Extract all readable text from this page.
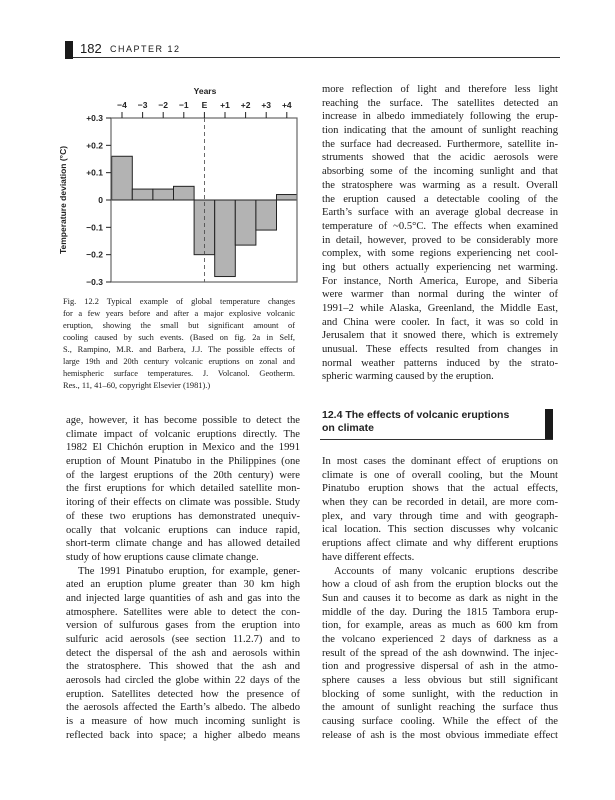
182 CHAPTER 12
−4 −3 −2 −1 E +1 +2 +3 +4
+0.3
+0.2
+0.1
0
−0.1
−0.2
−0.3
Years
Temperature deviation (°C)
Fig. 12.2 Typical example of global temperature changes
for a few years before and after a major explosive volcanic
eruption, showing the small but significant amount of
cooling caused by such events. (Based on fig. 2a in Self,
S., Rampino, M.R. and Barbera, J.J. The possible effects of
large 19th and 20th century volcanic eruptions on zonal and
hemispheric surface temperatures. J. Volcanol. Geotherm.
Res., 11, 41–60, copyright Elsevier (1981).)
more reflection of light and therefore less light
reaching the surface. The satellites detected an
increase in albedo immediately following the erup-
tion indicating that the amount of sunlight reaching
the surface had decreased. Furthermore, satellite in-
struments showed that the acidic aerosols were
absorbing some of the incoming sunlight and that
the stratosphere was warming as a result. Overall
the eruption caused a detectable cooling of the
Earth’s surface with an average global decrease in
temperature of ~0.5°C. The effects when examined
in detail, however, proved to be considerably more
complex, with some regions experiencing net cool-
ing but others actually experiencing net warming.
For instance, North America, Europe, and Siberia
were warmer than normal during the winter of
1991–2 while Alaska, Greenland, the Middle East,
and China were cooler. In fact, it was so cold in
Jerusalem that it snowed there, which is extremely
unusual. These effects resulted from changes in
normal weather patterns induced by the strato-
spheric warming caused by the eruption.
12.4 The effects of volcanic eruptions
on climate
age, however, it has become possible to detect the
climate impact of volcanic eruptions directly. The
1982 El Chichón eruption in Mexico and the 1991
eruption of Mount Pinatubo in the Philippines (one
of the largest eruptions of the 20th century) were
the first eruptions for which detailed satellite mon-
itoring of their effects on climate was possible. Study
of these two eruptions has demonstrated unequiv-
ocally that volcanic eruptions can induce rapid,
short-term climate change and has allowed detailed
study of how eruptions cause climate change.
The 1991 Pinatubo eruption, for example, gener-
ated an eruption plume greater than 30 km high
and injected large quantities of ash and gas into the
atmosphere. Satellites were able to detect the con-
version of sulfurous gases from the eruption into
sulfuric acid aerosols (see section 11.2.7) and to
detect the dispersal of the ash and aerosols within
the stratosphere. This showed that the ash and
aerosols had circled the globe within 22 days of the
eruption. Satellites detected how the presence of
the aerosols affected the Earth’s albedo. The albedo
is a measure of how much incoming sunlight is
reflected back into space; a higher albedo means
In most cases the dominant effect of eruptions on
climate is one of overall cooling, but the Mount
Pinatubo eruption shows that the actual effects,
when they can be recorded in detail, are more com-
plex, and vary through time and with geograph-
ical location. This section discusses why volcanic
eruptions affect climate and why different eruptions
have different effects.
Accounts of many volcanic eruptions describe
how a cloud of ash from the eruption blocks out the
Sun and causes it to become as dark as night in the
middle of the day. During the 1815 Tambora erup-
tion, for example, areas as much as 600 km from
the volcano experienced 2 days of darkness as a
result of the spread of the ash downwind. The injec-
tion and progressive dispersal of ash in the atmo-
sphere causes a less obvious but still significant
blocking of some sunlight, with the reduction in
the amount of sunlight reaching the surface thus
causing surface cooling. While the effect of the
release of ash is the most obvious immediate effect
